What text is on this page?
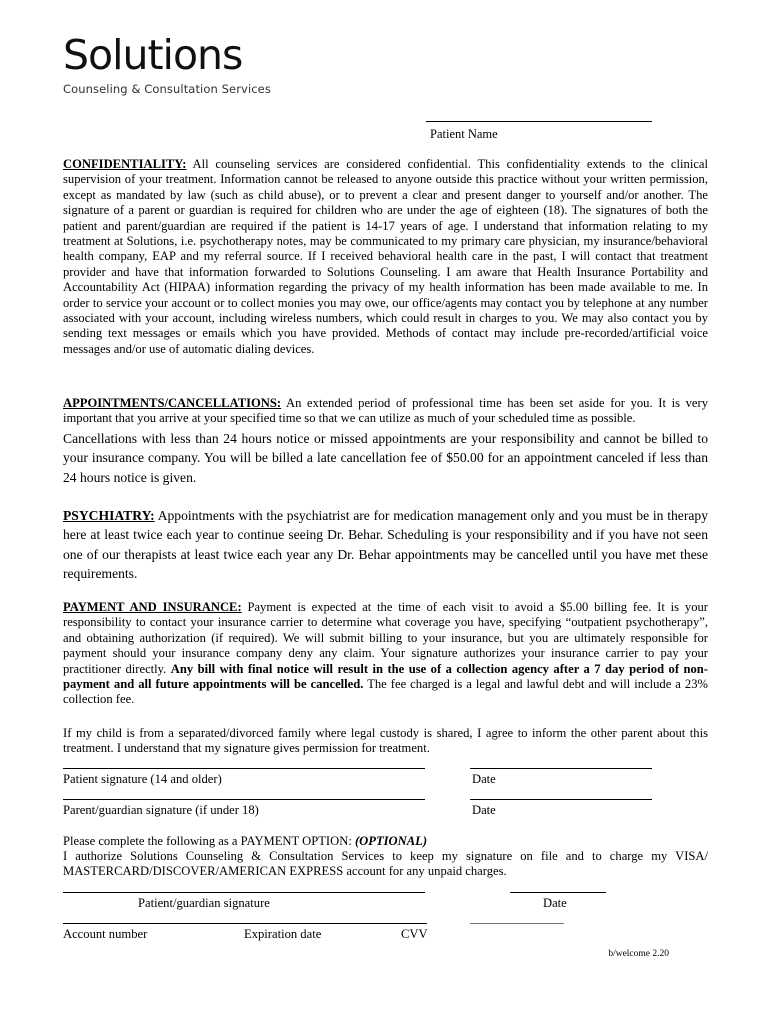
Solutions
Counseling & Consultation Services
Patient Name
CONFIDENTIALITY: All counseling services are considered confidential. This confidentiality extends to the clinical supervision of your treatment. Information cannot be released to anyone outside this practice without your written permission, except as mandated by law (such as child abuse), or to prevent a clear and present danger to yourself and/or another. The signature of a parent or guardian is required for children who are under the age of eighteen (18). The signatures of both the patient and parent/guardian are required if the patient is 14-17 years of age. I understand that information relating to my treatment at Solutions, i.e. psychotherapy notes, may be communicated to my primary care physician, my insurance/behavioral health company, EAP and my referral source. If I received behavioral health care in the past, I will contact that treatment provider and have that information forwarded to Solutions Counseling. I am aware that Health Insurance Portability and Accountability Act (HIPAA) information regarding the privacy of my health information has been made available to me. In order to service your account or to collect monies you may owe, our office/agents may contact you by telephone at any number associated with your account, including wireless numbers, which could result in charges to you. We may also contact you by sending text messages or emails which you have provided. Methods of contact may include pre-recorded/artificial voice messages and/or use of automatic dialing devices.
APPOINTMENTS/CANCELLATIONS: An extended period of professional time has been set aside for you. It is very important that you arrive at your specified time so that we can utilize as much of your scheduled time as possible.
Cancellations with less than 24 hours notice or missed appointments are your responsibility and cannot be billed to your insurance company. You will be billed a late cancellation fee of $50.00 for an appointment canceled if less than 24 hours notice is given.
PSYCHIATRY: Appointments with the psychiatrist are for medication management only and you must be in therapy here at least twice each year to continue seeing Dr. Behar. Scheduling is your responsibility and if you have not seen one of our therapists at least twice each year any Dr. Behar appointments may be cancelled until you have met these requirements.
PAYMENT AND INSURANCE: Payment is expected at the time of each visit to avoid a $5.00 billing fee. It is your responsibility to contact your insurance carrier to determine what coverage you have, specifying “outpatient psychotherapy”, and obtaining authorization (if required). We will submit billing to your insurance, but you are ultimately responsible for payment should your insurance company deny any claim. Your signature authorizes your insurance carrier to pay your practitioner directly. Any bill with final notice will result in the use of a collection agency after a 7 day period of non-payment and all future appointments will be cancelled. The fee charged is a legal and lawful debt and will include a 23% collection fee.
If my child is from a separated/divorced family where legal custody is shared, I agree to inform the other parent about this treatment. I understand that my signature gives permission for treatment.
Patient signature (14 and older)	Date
Parent/guardian signature (if under 18)	Date
Please complete the following as a PAYMENT OPTION: (OPTIONAL)
I authorize Solutions Counseling & Consultation Services to keep my signature on file and to charge my VISA/ MASTERCARD/DISCOVER/AMERICAN EXPRESS account for any unpaid charges.
Patient/guardian signature	Date
Account number	Expiration date	CVV
b/welcome 2.20
